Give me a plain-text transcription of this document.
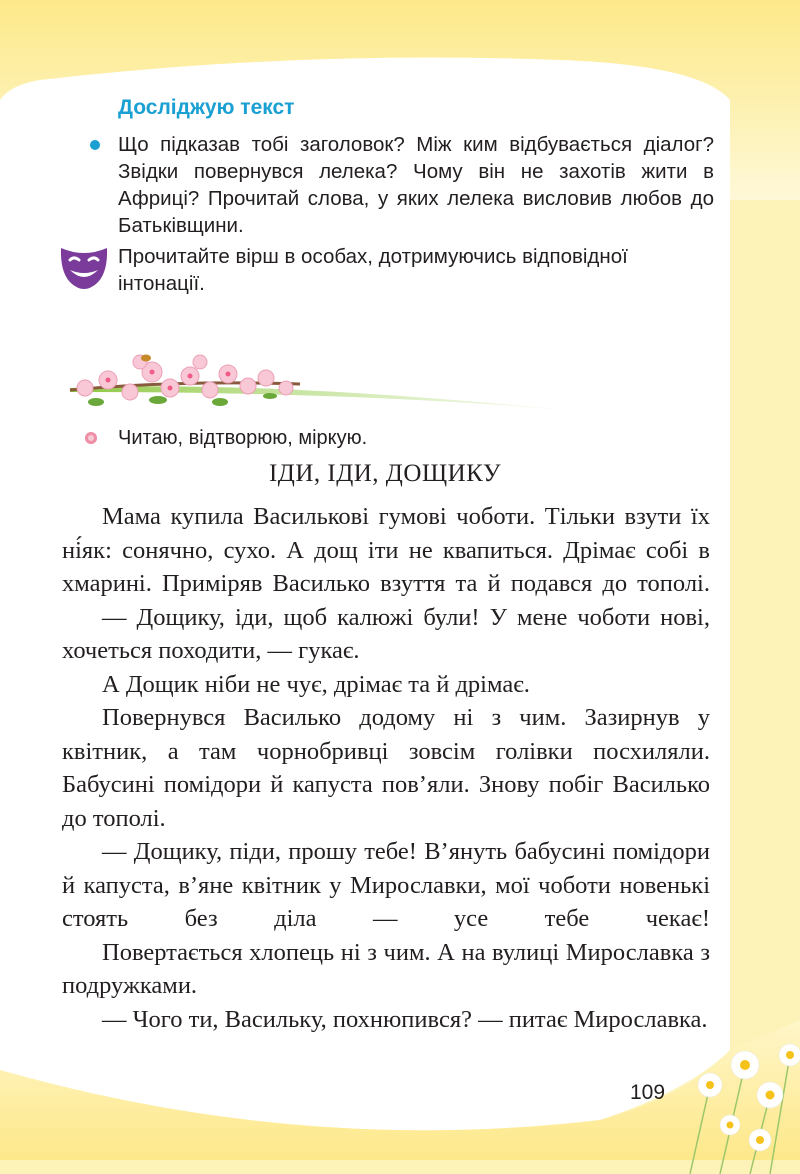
Досліджую текст
Що підказав тобі заголовок? Між ким відбувається діалог? Звідки повернувся лелека? Чому він не захотів жити в Африці? Прочитай слова, у яких лелека висловив любов до Батьківщини.
Прочитайте вірш в особах, дотримуючись відповідної інтонації.
Читаю, відтворюю, міркую.
ІДИ, ІДИ, ДОЩИКУ

Мама купила Васильковi гумовi чоботи. Тільки взути їх ні́як: сонячно, сухо. А дощ іти не квапиться. Дрімає собі в хмарині. Приміряв Василько взуття та й подався до тополі.

— Дощику, іди, щоб калюжі були! У мене чоботи нові, хочеться походити, — гукає.

А Дощик ніби не чує, дрімає та й дрімає.

Повернувся Василько додому ні з чим. Зазирнув у квітник, а там чорнобривці зовсім голівки посхиляли. Бабусині помідори й капуста пов’яли. Знову побіг Василько до тополі.

— Дощику, піди, прошу тебе! В’януть бабусині помідори й капуста, в’яне квітник у Мирославки, мої чоботи новенькі стоять без діла — усе тебе чекає!

Повертається хлопець ні з чим. А на вулиці Мирославка з подружками.

— Чого ти, Васильку, похнюпився? — питає Мирославка.

109
